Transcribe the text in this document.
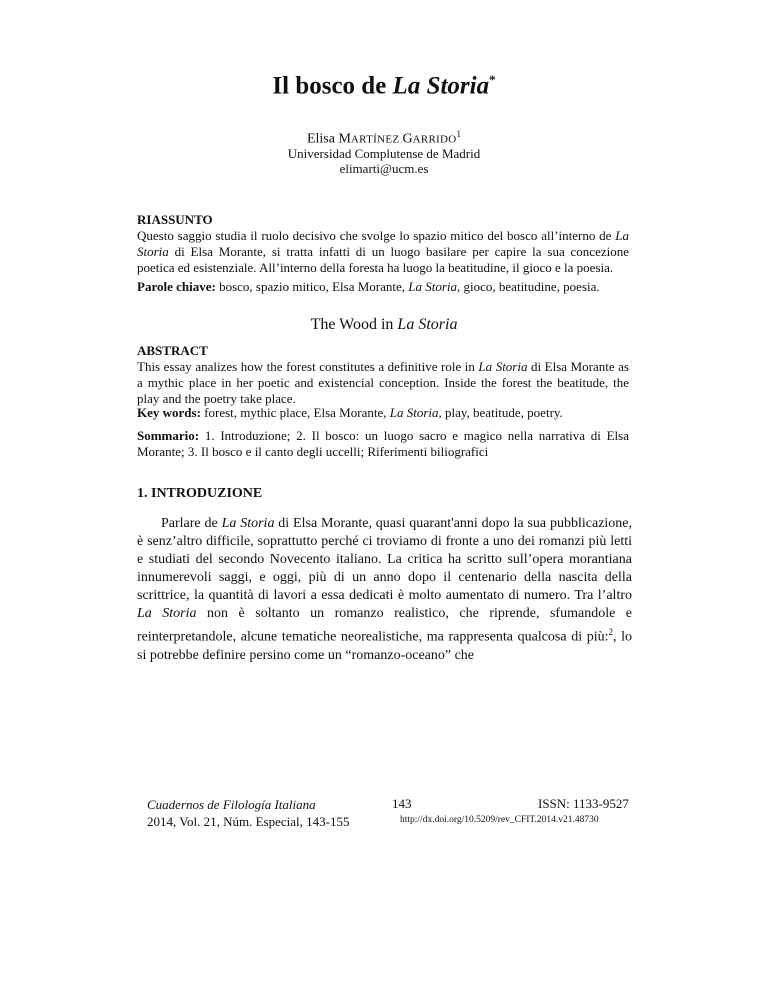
Il bosco de La Storia*
Elisa MARTÍNEZ GARRIDO$^1$
Universidad Complutense de Madrid
elimarti@ucm.es
RIASSUNTO
Questo saggio studia il ruolo decisivo che svolge lo spazio mitico del bosco all’interno de La Storia di Elsa Morante, si tratta infatti di un luogo basilare per capire la sua concezione poetica ed esistenziale. All’interno della foresta ha luogo la beatitudine, il gioco e la poesia.
Parole chiave: bosco, spazio mitico, Elsa Morante, La Storia, gioco, beatitudine, poesia.
The Wood in La Storia
ABSTRACT
This essay analizes how the forest constitutes a definitive role in La Storia di Elsa Morante as a mythic place in her poetic and existencial conception. Inside the forest the beatitude, the play and the poetry take place.
Key words: forest, mythic place, Elsa Morante, La Storia, play, beatitude, poetry.
Sommario: 1. Introduzione; 2. Il bosco: un luogo sacro e magico nella narrativa di Elsa Morante; 3. Il bosco e il canto degli uccelli; Riferimenti biliografici
1. INTRODUZIONE

Parlare de La Storia di Elsa Morante, quasi quarant'anni dopo la sua pubblicazione, è senz’altro difficile, soprattutto perché ci troviamo di fronte a uno dei romanzi più letti e studiati del secondo Novecento italiano. La critica ha scritto sull’opera morantiana innumerevoli saggi, e oggi, più di un anno dopo il centenario della nascita della scrittrice, la quantità di lavori a essa dedicati è molto aumentato di numero. Tra l’altro La Storia non è soltanto un romanzo realistico, che riprende, sfumandole e reinterpretandole, alcune tematiche neorealistiche, ma rappresenta qualcosa di più:$^2$, lo si potrebbe definire persino come un “romanzo-oceano” che

Cuadernos de Filología Italiana
2014, Vol. 21, Núm. Especial, 143-155
143	ISSN: 1133-9527
http://dx.doi.org/10.5209/rev_CFIT.2014.v21.48730
